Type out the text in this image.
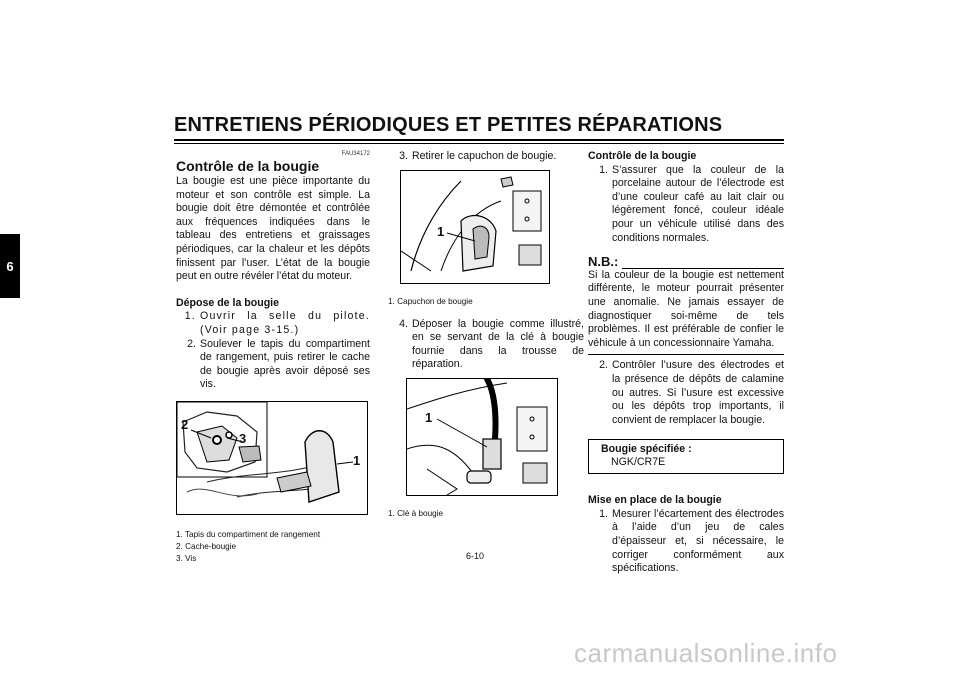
ENTRETIENS PÉRIODIQUES ET PETITES RÉPARATIONS
6
FAU34172
Contrôle de la bougie
La bougie est une pièce importante du moteur et son contrôle est simple. La bougie doit être démontée et contrôlée aux fréquences indiquées dans le tableau des entretiens et graissages périodiques, car la chaleur et les dépôts finissent par l’user. L’état de la bougie peut en outre révéler l’état du moteur.
Dépose de la bougie
1. Ouvrir la selle du pilote. (Voir page 3-15.)
2. Soulever le tapis du compartiment de rangement, puis retirer le cache de bougie après avoir déposé ses vis.
2
3
1
1. Tapis du compartiment de rangement
2. Cache-bougie
3. Vis
3. Retirer le capuchon de bougie.
1
1. Capuchon de bougie
4. Déposer la bougie comme illustré, en se servant de la clé à bougie fournie dans la trousse de réparation.
1
1. Clé à bougie
Contrôle de la bougie
1. S’assurer que la couleur de la porcelaine autour de l’électrode est d’une couleur café au lait clair ou légèrement foncé, couleur idéale pour un véhicule utilisé dans des conditions normales.
N.B.:
Si la couleur de la bougie est nettement différente, le moteur pourrait présenter une anomalie. Ne jamais essayer de diagnostiquer soi-même de tels problèmes. Il est préférable de confier le véhicule à un concessionnaire Yamaha.
2. Contrôler l’usure des électrodes et la présence de dépôts de calamine ou autres. Si l’usure est excessive ou les dépôts trop importants, il convient de remplacer la bougie.
Bougie spécifiée :
NGK/CR7E
Mise en place de la bougie
1. Mesurer l’écartement des électrodes à l’aide d’un jeu de cales d’épaisseur et, si nécessaire, le corriger conformément aux spécifications.
6-10
carmanualsonline.info
